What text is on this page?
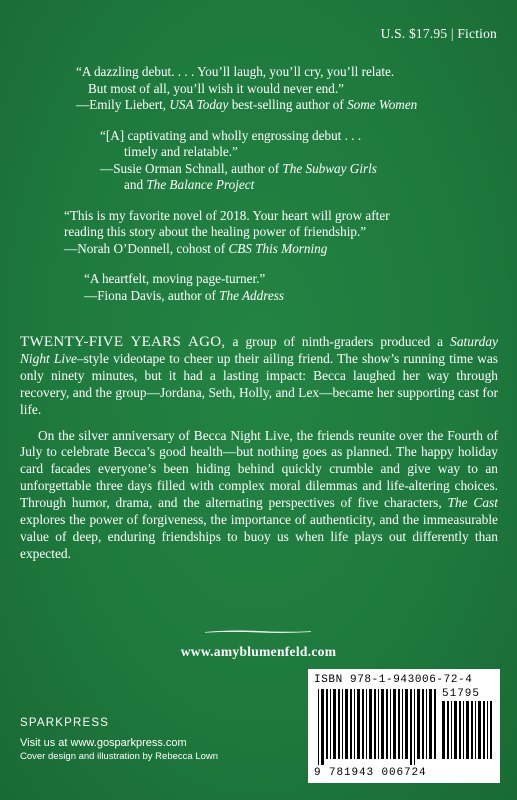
U.S. $17.95 | Fiction
“A dazzling debut. . . . You’ll laugh, you’ll cry, you’ll relate.
But most of all, you’ll wish it would never end.”
—Emily Liebert, USA Today best-selling author of Some Women
“[A] captivating and wholly engrossing debut . . .
timely and relatable.”
—Susie Orman Schnall, author of The Subway Girls
and The Balance Project
“This is my favorite novel of 2018. Your heart will grow after
reading this story about the healing power of friendship.”
—Norah O’Donnell, cohost of CBS This Morning
“A heartfelt, moving page-turner.”
—Fiona Davis, author of The Address

TWENTY-FIVE YEARS AGO, a group of ninth-graders produced a Saturday Night Live–style videotape to cheer up their ailing friend. The show’s running time was only ninety minutes, but it had a lasting impact: Becca laughed her way through recovery, and the group—Jordana, Seth, Holly, and Lex—became her supporting cast for life.

On the silver anniversary of Becca Night Live, the friends reunite over the Fourth of July to celebrate Becca’s good health—but nothing goes as planned. The happy holiday card facades everyone’s been hiding behind quickly crumble and give way to an unforgettable three days filled with complex moral dilemmas and life-altering choices. Through humor, drama, and the alternating perspectives of five characters, The Cast explores the power of forgiveness, the importance of authenticity, and the immeasurable value of deep, enduring friendships to buoy us when life plays out differently than expected.

www.amyblumenfeld.com
SPARKPRESS
Visit us at www.gosparkpress.com
Cover design and illustration by Rebecca Lown
ISBN 978-1-943006-72-4
51795
9 781943 006724
